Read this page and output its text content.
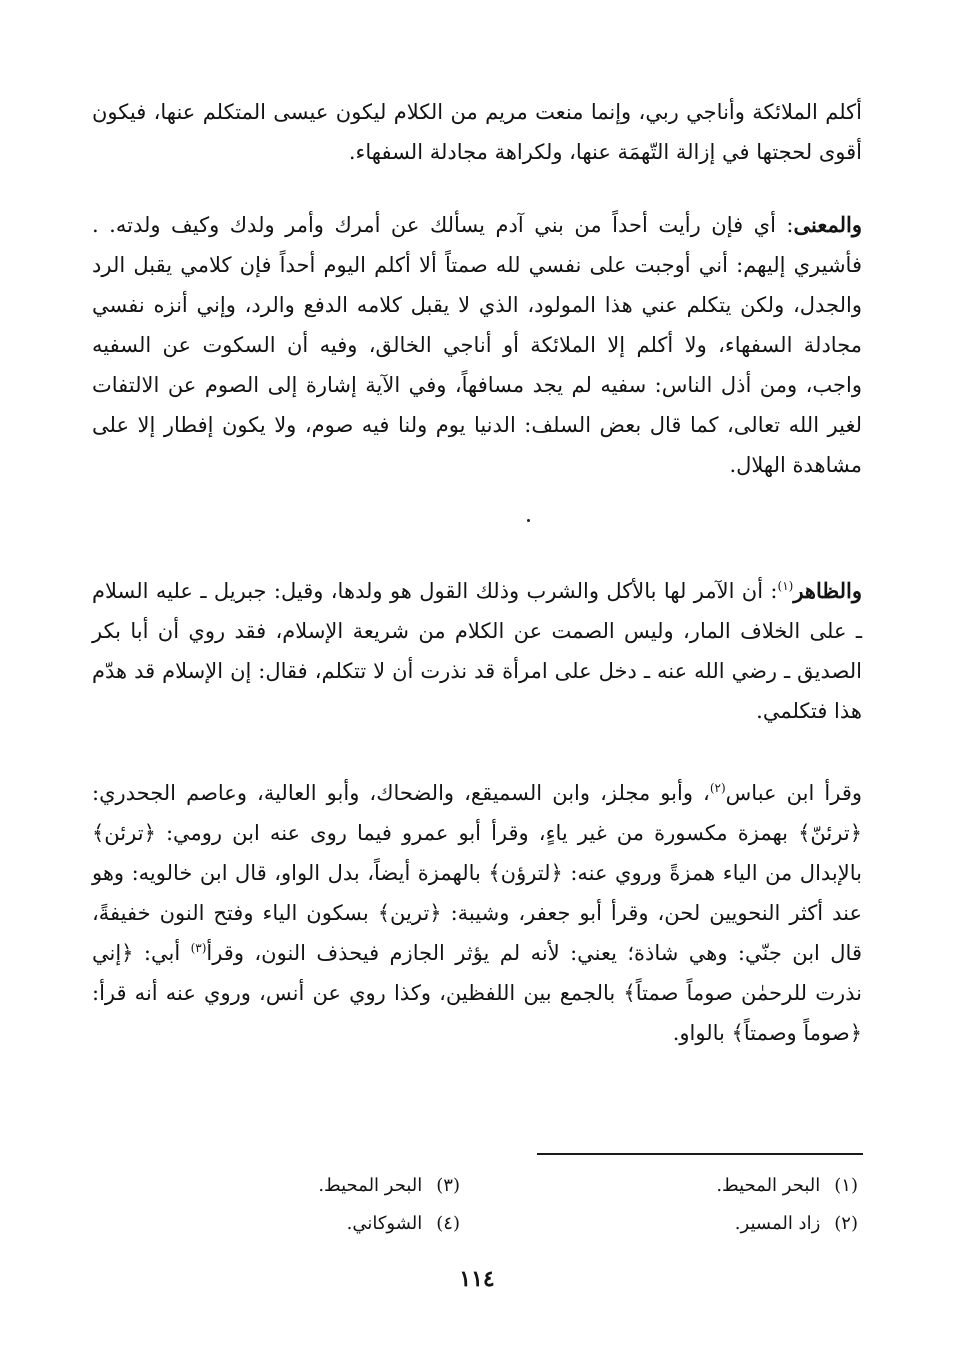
أكلم الملائكة وأناجي ربي، وإنما منعت مريم من الكلام ليكون عيسى المتكلم عنها، فيكون أقوى لحجتها في إزالة التّهمَة عنها، ولكراهة مجادلة السفهاء.

والمعنى: أي فإن رأيت أحداً من بني آدم يسألك عن أمرك وأمر ولدك وكيف ولدته. . فأشيري إليهم: أني أوجبت على نفسي لله صمتاً ألا أكلم اليوم أحداً فإن كلامي يقبل الرد والجدل، ولكن يتكلم عني هذا المولود، الذي لا يقبل كلامه الدفع والرد، وإني أنزه نفسي مجادلة السفهاء، ولا أكلم إلا الملائكة أو أناجي الخالق، وفيه أن السكوت عن السفيه واجب، ومن أذل الناس: سفيه لم يجد مسافهاً، وفي الآية إشارة إلى الصوم عن الالتفات لغير الله تعالى، كما قال بعض السلف: الدنيا يوم ولنا فيه صوم، ولا يكون إفطار إلا على مشاهدة الهلال.

والظاهر$^{(١)}$: أن الآمر لها بالأكل والشرب وذلك القول هو ولدها، وقيل: جبريل ـ عليه السلام ـ على الخلاف المار، وليس الصمت عن الكلام من شريعة الإسلام، فقد روي أن أبا بكر الصديق ـ رضي الله عنه ـ دخل على امرأة قد نذرت أن لا تتكلم، فقال: إن الإسلام قد هدّم هذا فتكلمي.

وقرأ ابن عباس$^{(٢)}$، وأبو مجلز، وابن السميقع، والضحاك، وأبو العالية، وعاصم الجحدري: ﴿ترئنّ﴾ بهمزة مكسورة من غير ياءٍ، وقرأ أبو عمرو فيما روى عنه ابن رومي: ﴿ترئن﴾ بالإبدال من الياء همزةً وروي عنه: ﴿لترؤن﴾ بالهمزة أيضاً، بدل الواو، قال ابن خالويه: وهو عند أكثر النحويين لحن، وقرأ أبو جعفر، وشيبة: ﴿ترين﴾ بسكون الياء وفتح النون خفيفةً، قال ابن جنّي: وهي شاذة؛ يعني: لأنه لم يؤثر الجازم فيحذف النون، وقرأ$^{(٣)}$ أبي: ﴿إني نذرت للرحمٰن صوماً صمتاً﴾ بالجمع بين اللفظين، وكذا روي عن أنس، وروي عنه أنه قرأ: ﴿صوماً وصمتاً﴾ بالواو.

(١)البحر المحيط.
(٢)زاد المسير.
(٣)البحر المحيط.
(٤)الشوكاني.
١١٤
